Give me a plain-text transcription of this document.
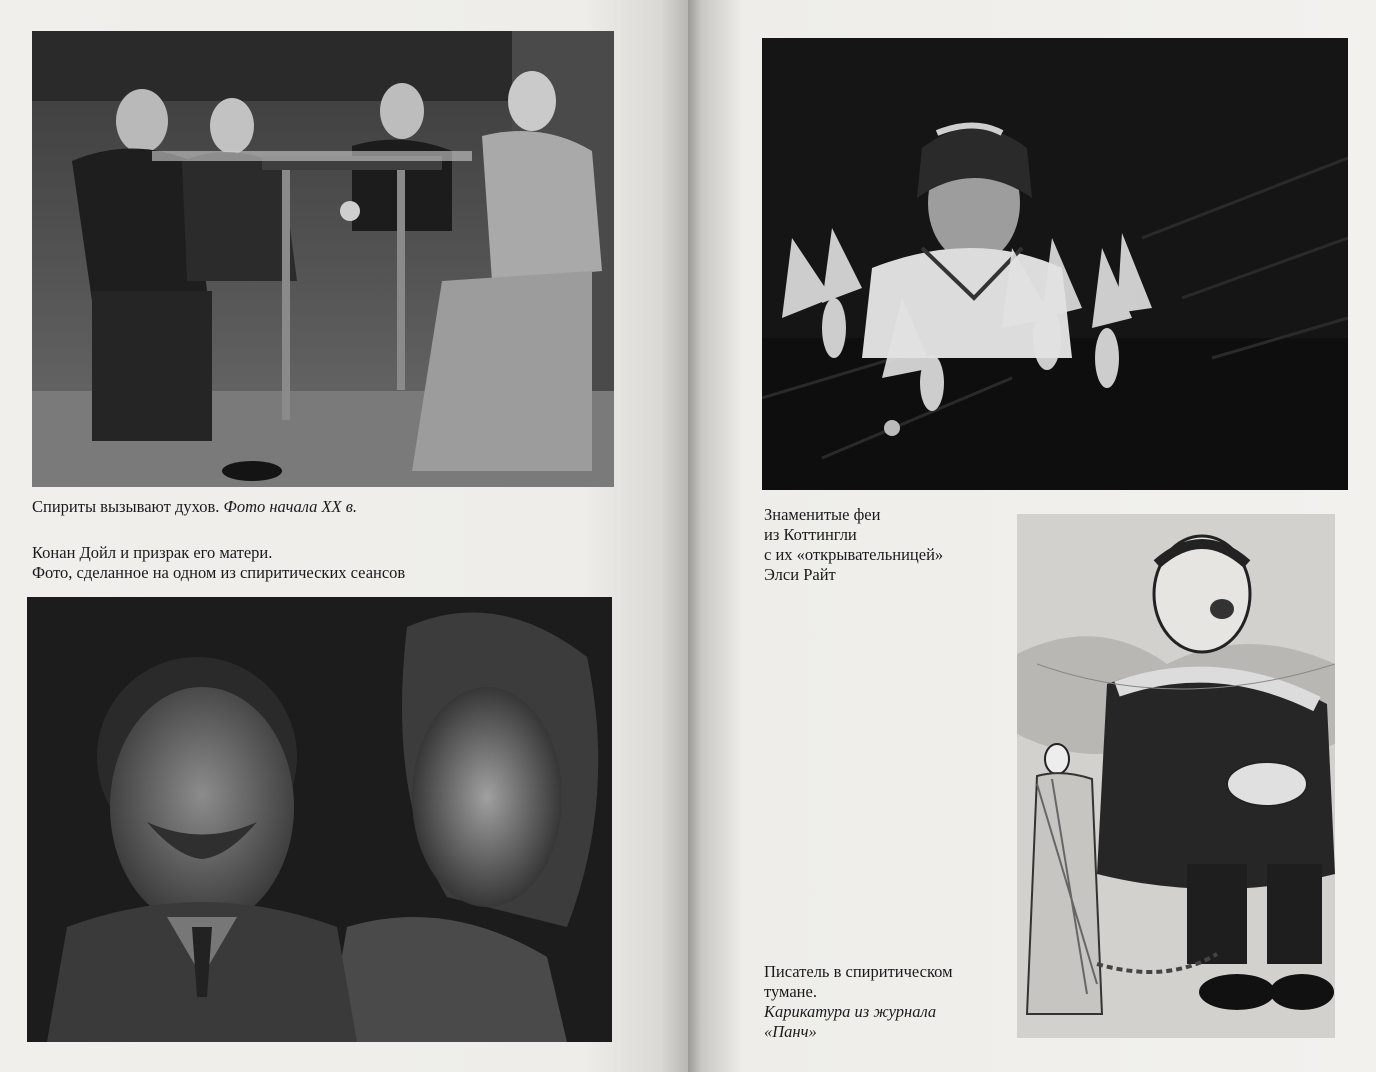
Спириты вызывают духов. Фото начала XX в.
Конан Дойл и призрак его матери.
Фото, сделанное на одном из спиритических сеансов
Знаменитые феи
из Коттингли
с их «открывательницей»
Элси Райт
Писатель в спиритическом
тумане.
Карикатура из журнала
«Панч»
